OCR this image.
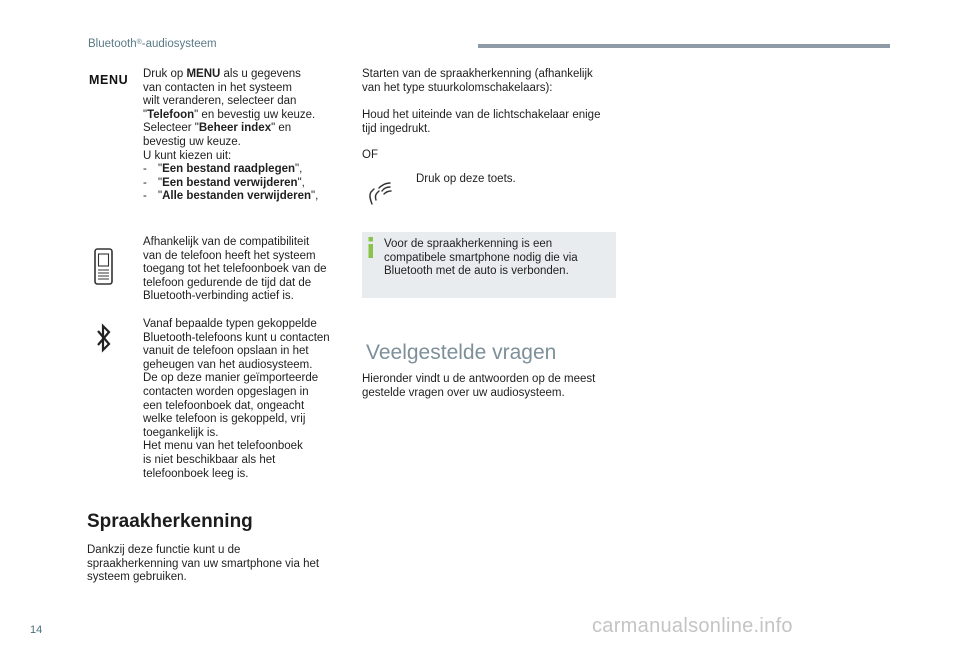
Bluetooth®-audiosysteem
MENU Druk op MENU als u gegevens

van contacten in het systeem

wilt veranderen, selecteer dan

"Telefoon" en bevestig uw keuze.

Selecteer "Beheer index" en

bevestig uw keuze.

U kunt kiezen uit:

- "Een bestand raadplegen",
- "Een bestand verwijderen",
- "Alle bestanden verwijderen",

Afhankelijk van de compatibiliteit

van de telefoon heeft het systeem

toegang tot het telefoonboek van de

telefoon gedurende de tijd dat de

Bluetooth-verbinding actief is.

Vanaf bepaalde typen gekoppelde

Bluetooth-telefoons kunt u contacten

vanuit de telefoon opslaan in het

geheugen van het audiosysteem.

De op deze manier geïmporteerde

contacten worden opgeslagen in

een telefoonboek dat, ongeacht

welke telefoon is gekoppeld, vrij

toegankelijk is.

Het menu van het telefoonboek

is niet beschikbaar als het

telefoonboek leeg is.

Spraakherkenning

Dankzij deze functie kunt u de

spraakherkenning van uw smartphone via het

systeem gebruiken.

Starten van de spraakherkenning (afhankelijk

van het type stuurkolomschakelaars):

Houd het uiteinde van de lichtschakelaar enige

tijd ingedrukt.

OF
Druk op deze toets.

Voor de spraakherkenning is een

compatibele smartphone nodig die via

Bluetooth met de auto is verbonden.

Veelgestelde vragen

Hieronder vindt u de antwoorden op de meest

gestelde vragen over uw audiosysteem.

14	carmanualsonline.info
